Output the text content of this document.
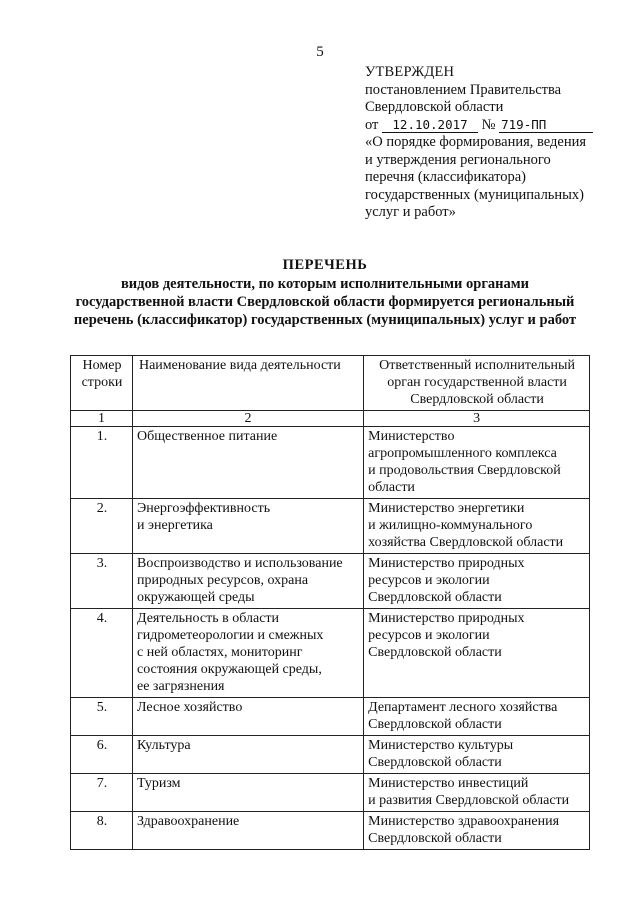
5
УТВЕРЖДЕН
постановлением Правительства
Свердловской области
от 12.10.2017 № 719-ПП
«О порядке формирования, ведения
и утверждения регионального
перечня (классификатора)
государственных (муниципальных)
услуг и работ»
ПЕРЕЧЕНЬ
видов деятельности, по которым исполнительными органами
государственной власти Свердловской области формируется региональный
перечень (классификатор) государственных (муниципальных) услуг и работ
Номер
строки	Наименование вида деятельности	Ответственный исполнительный
орган государственной власти
Свердловской области

1	2	3
1.	Общественное питание	Министерство
агропромышленного комплекса
и продовольствия Свердловской
области

2.	Энергоэффективность
и энергетика	Министерство энергетики
и жилищно-коммунального
хозяйства Свердловской области

3.	Воспроизводство и использование
природных ресурсов, охрана
окружающей среды	Министерство природных
ресурсов и экологии
Свердловской области

4.	Деятельность в области
гидрометеорологии и смежных
с ней областях, мониторинг
состояния окружающей среды,
ее загрязнения	Министерство природных
ресурсов и экологии
Свердловской области

5.	Лесное хозяйство	Департамент лесного хозяйства
Свердловской области

6.	Культура	Министерство культуры
Свердловской области

7.	Туризм	Министерство инвестиций
и развития Свердловской области

8.	Здравоохранение	Министерство здравоохранения
Свердловской области
